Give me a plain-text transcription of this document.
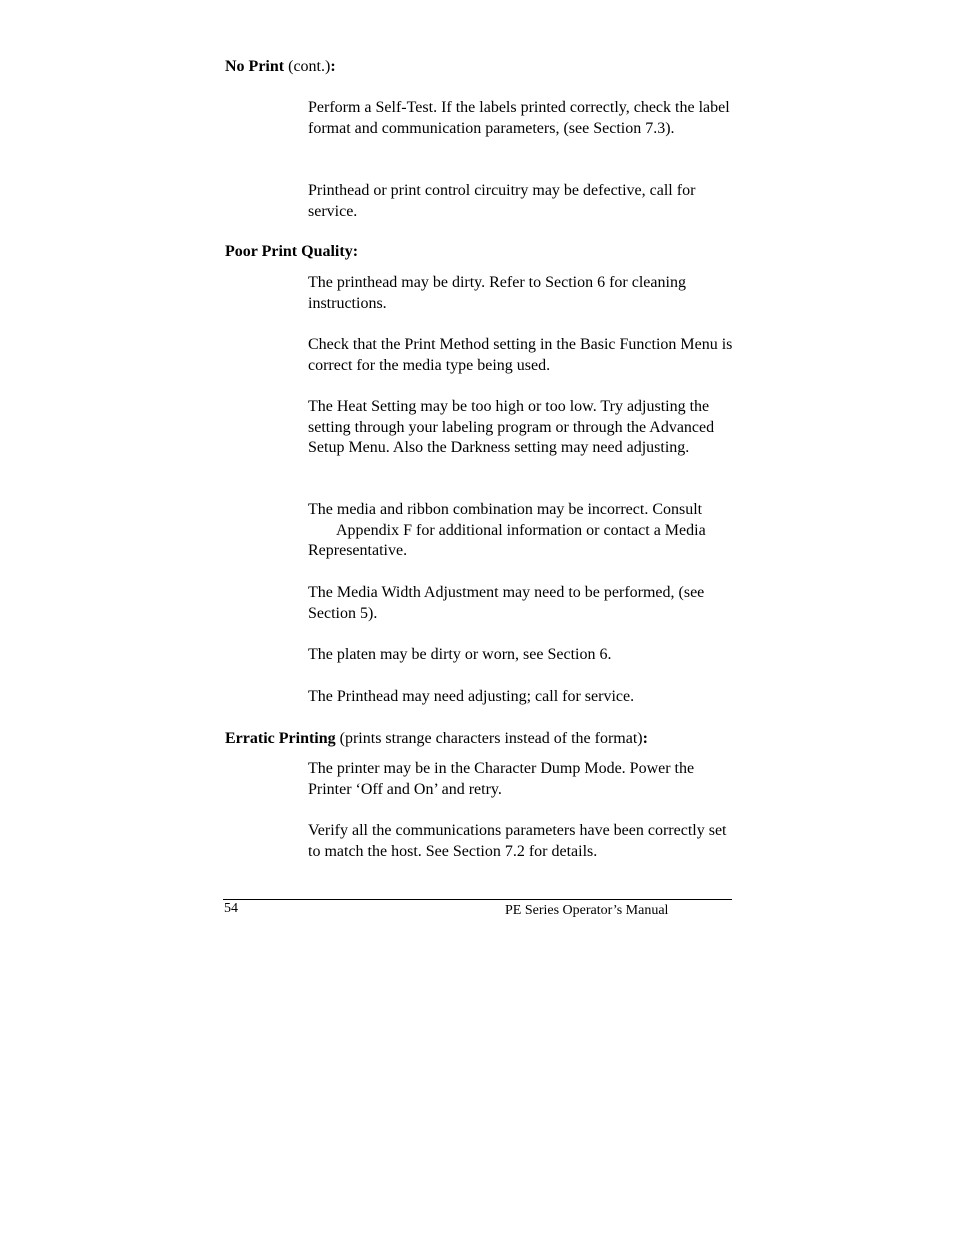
No Print (cont.):

Perform a Self-Test. If the labels printed correctly, check the label format and communication parameters, (see Section 7.3).

Printhead or print control circuitry may be defective, call for service.

Poor Print Quality:

The printhead may be dirty. Refer to Section 6 for cleaning instructions.

Check that the Print Method setting in the Basic Function Menu is correct for the media type being used.

The Heat Setting may be too high or too low. Try adjusting the setting through your labeling program or through the Advanced Setup Menu. Also the Darkness setting may need adjusting.

The media and ribbon combination may be incorrect. Consult
Appendix F for additional information or contact a Media
Representative.

The Media Width Adjustment may need to be performed, (see Section 5).

The platen may be dirty or worn, see Section 6.

The Printhead may need adjusting; call for service.

Erratic Printing (prints strange characters instead of the format):

The printer may be in the Character Dump Mode. Power the Printer ‘Off and On’ and retry.

Verify all the communications parameters have been correctly set to match the host. See Section 7.2 for details.

54	PE Series Operator’s Manual
